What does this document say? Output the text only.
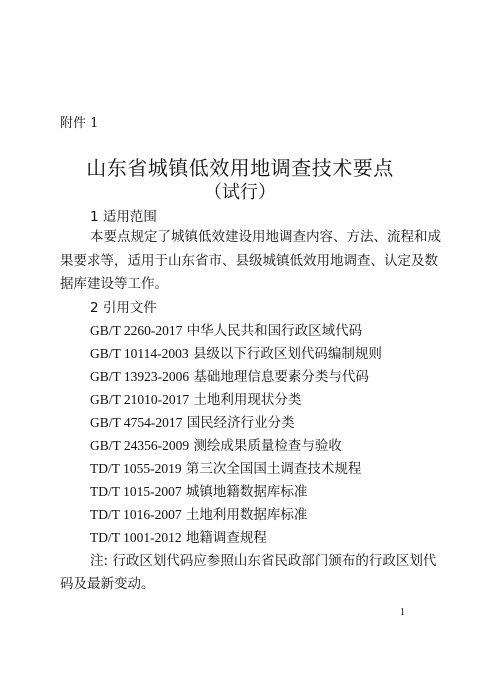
附件 1
山东省城镇低效用地调查技术要点
（试行）
1 适用范围
本要点规定了城镇低效建设用地调查内容、方法、流程和成
果要求等，适用于山东省市、县级城镇低效用地调查、认定及数
据库建设等工作。
2 引用文件
GB/T 2260-2017 中华人民共和国行政区域代码
GB/T 10114-2003 县级以下行政区划代码编制规则
GB/T 13923-2006 基础地理信息要素分类与代码
GB/T 21010-2017 土地利用现状分类
GB/T 4754-2017 国民经济行业分类
GB/T 24356-2009 测绘成果质量检查与验收
TD/T 1055-2019 第三次全国国土调查技术规程
TD/T 1015-2007 城镇地籍数据库标准
TD/T 1016-2007 土地利用数据库标准
TD/T 1001-2012 地籍调查规程
注: 行政区划代码应参照山东省民政部门颁布的行政区划代
码及最新变动。
1
